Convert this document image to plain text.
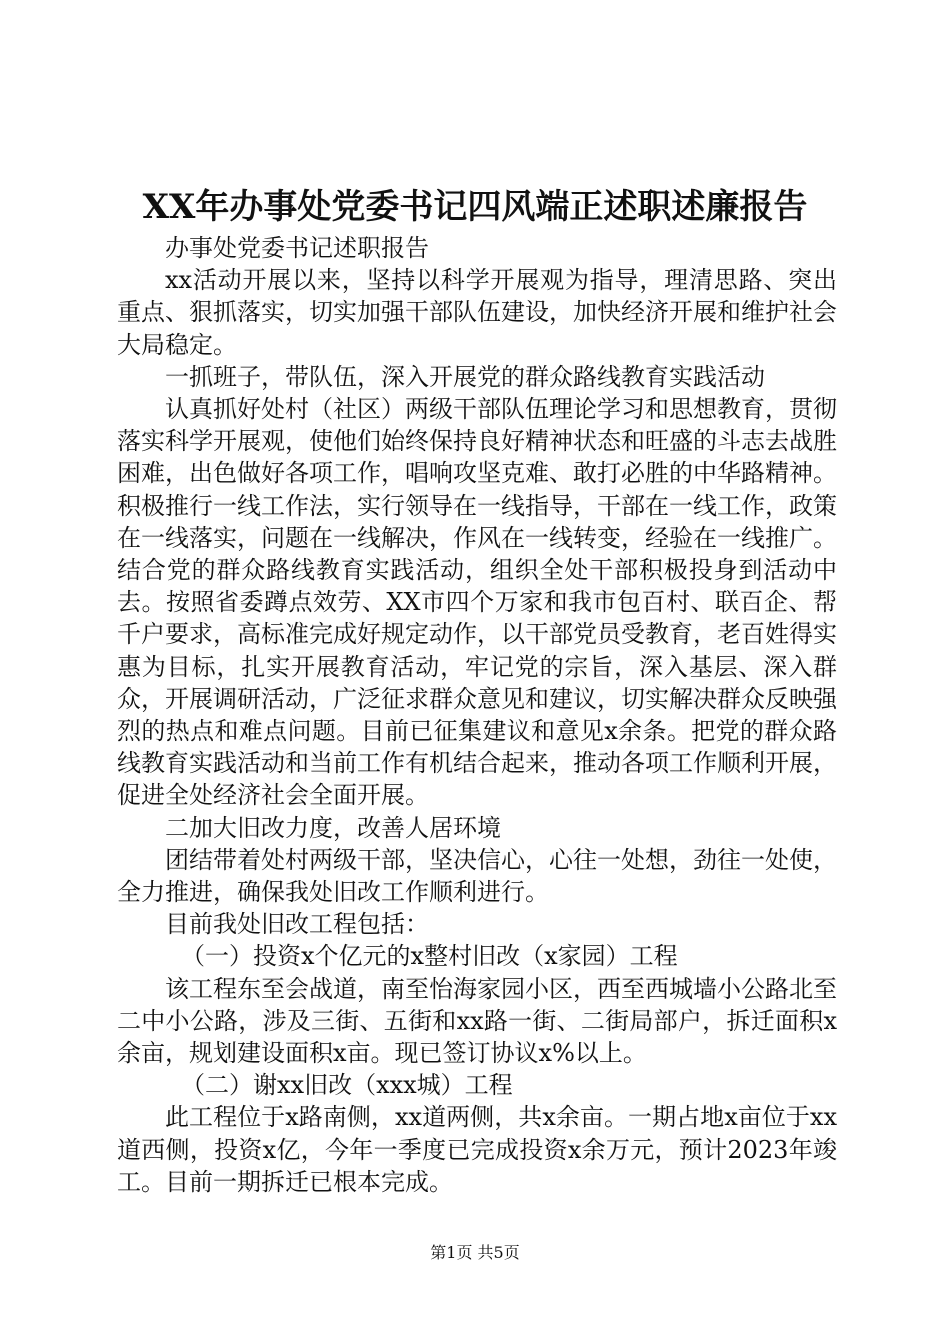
XX年办事处党委书记四风端正述职述廉报告

办事处党委书记述职报告

xx活动开展以来，坚持以科学开展观为指导，理清思路、突出重点、狠抓落实，切实加强干部队伍建设，加快经济开展和维护社会大局稳定。

一抓班子，带队伍，深入开展党的群众路线教育实践活动

认真抓好处村（社区）两级干部队伍理论学习和思想教育，贯彻落实科学开展观，使他们始终保持良好精神状态和旺盛的斗志去战胜困难，出色做好各项工作，唱响攻坚克难、敢打必胜的中华路精神。积极推行一线工作法，实行领导在一线指导，干部在一线工作，政策在一线落实，问题在一线解决，作风在一线转变，经验在一线推广。结合党的群众路线教育实践活动，组织全处干部积极投身到活动中去。按照省委蹲点效劳、XX市四个万家和我市包百村、联百企、帮千户要求，高标准完成好规定动作，以干部党员受教育，老百姓得实惠为目标，扎实开展教育活动，牢记党的宗旨，深入基层、深入群众，开展调研活动，广泛征求群众意见和建议，切实解决群众反映强烈的热点和难点问题。目前已征集建议和意见x余条。把党的群众路线教育实践活动和当前工作有机结合起来，推动各项工作顺利开展，促进全处经济社会全面开展。

二加大旧改力度，改善人居环境

团结带着处村两级干部，坚决信心，心往一处想，劲往一处使，全力推进，确保我处旧改工作顺利进行。

目前我处旧改工程包括：

（一）投资x个亿元的x整村旧改（x家园）工程

该工程东至会战道，南至怡海家园小区，西至西城墙小公路北至二中小公路，涉及三街、五街和xx路一街、二街局部户，拆迁面积x余亩，规划建设面积x亩。现已签订协议x%以上。

（二）谢xx旧改（xxx城）工程

此工程位于x路南侧，xx道两侧，共x余亩。一期占地x亩位于xx道西侧，投资x亿，今年一季度已完成投资x余万元，预计2023年竣工。目前一期拆迁已根本完成。

第1页 共5页
